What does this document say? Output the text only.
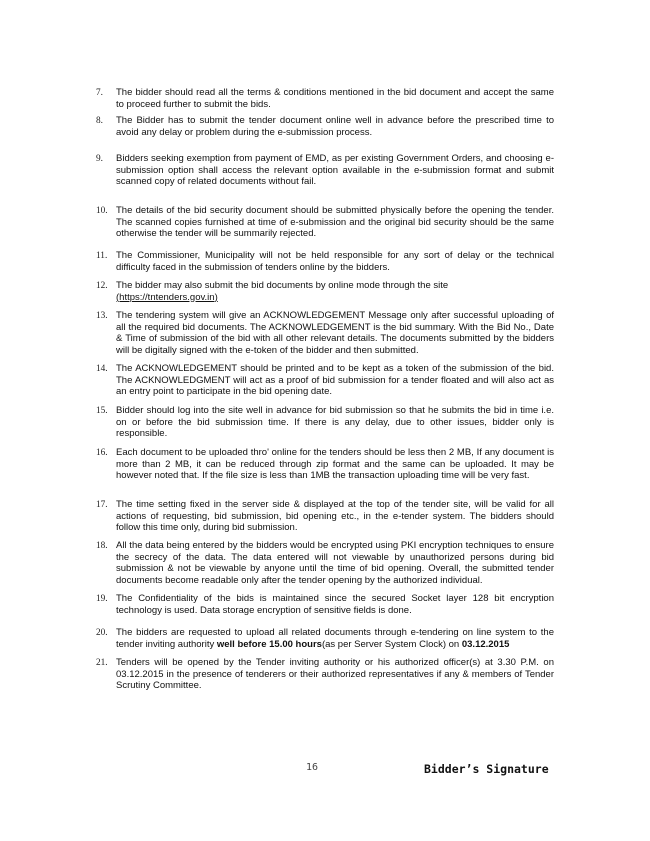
7.	The bidder should read all the terms & conditions mentioned in the bid document and accept the same to proceed further to submit the bids.
8.	The Bidder has to submit the tender document online well in advance before the prescribed time to avoid any delay or problem during the e-submission process.
9.	Bidders seeking exemption from payment of EMD, as per existing Government Orders, and choosing e-submission option shall access the relevant option available in the e-submission format and submit scanned copy of related documents without fail.
10. The details of the bid security document should be submitted physically before the opening the tender. The scanned copies furnished at time of e-submission and the original bid security should be the same otherwise the tender will be summarily rejected.
11. The Commissioner, Municipality will not be held responsible for any sort of delay or the technical difficulty faced in the submission of tenders online by the bidders.
12. The bidder may also submit the bid documents by online mode through the site
(https://tntenders.gov.in)
13. The tendering system will give an ACKNOWLEDGEMENT Message only after successful uploading of all the required bid documents. The ACKNOWLEDGEMENT is the bid summary. With the Bid No., Date & Time of submission of the bid with all other relevant details. The documents submitted by the bidders will be digitally signed with the e-token of the bidder and then submitted.
14. The ACKNOWLEDGEMENT should be printed and to be kept as a token of the submission of the bid. The ACKNOWLEDGMENT will act as a proof of bid submission for a tender floated and will also act as an entry point to participate in the bid opening date.
15. Bidder should log into the site well in advance for bid submission so that he submits the bid in time i.e. on or before the bid submission time. If there is any delay, due to other issues, bidder only is responsible.
16. Each document to be uploaded thro' online for the tenders should be less then 2 MB, If any document is more than 2 MB, it can be reduced through zip format and the same can be uploaded. It may be however noted that. If the file size is less than 1MB the transaction uploading time will be very fast.
17. The time setting fixed in the server side & displayed at the top of the tender site, will be valid for all actions of requesting, bid submission, bid opening etc., in the e-tender system. The bidders should follow this time only, during bid submission.
18. All the data being entered by the bidders would be encrypted using PKI encryption techniques to ensure the secrecy of the data. The data entered will not viewable by unauthorized persons during bid submission & not be viewable by anyone until the time of bid opening. Overall, the submitted tender documents become readable only after the tender opening by the authorized individual.
19. The Confidentiality of the bids is maintained since the secured Socket layer 128 bit encryption technology is used. Data storage encryption of sensitive fields is done.
20. The bidders are requested to upload all related documents through e-tendering on line system to the tender inviting authority well before 15.00 hours(as per Server System Clock) on 03.12.2015
21. Tenders will be opened by the Tender inviting authority or his authorized officer(s) at 3.30 P.M. on 03.12.2015 in the presence of tenderers or their authorized representatives if any & members of Tender Scrutiny Committee.
16	Bidder’s Signature
